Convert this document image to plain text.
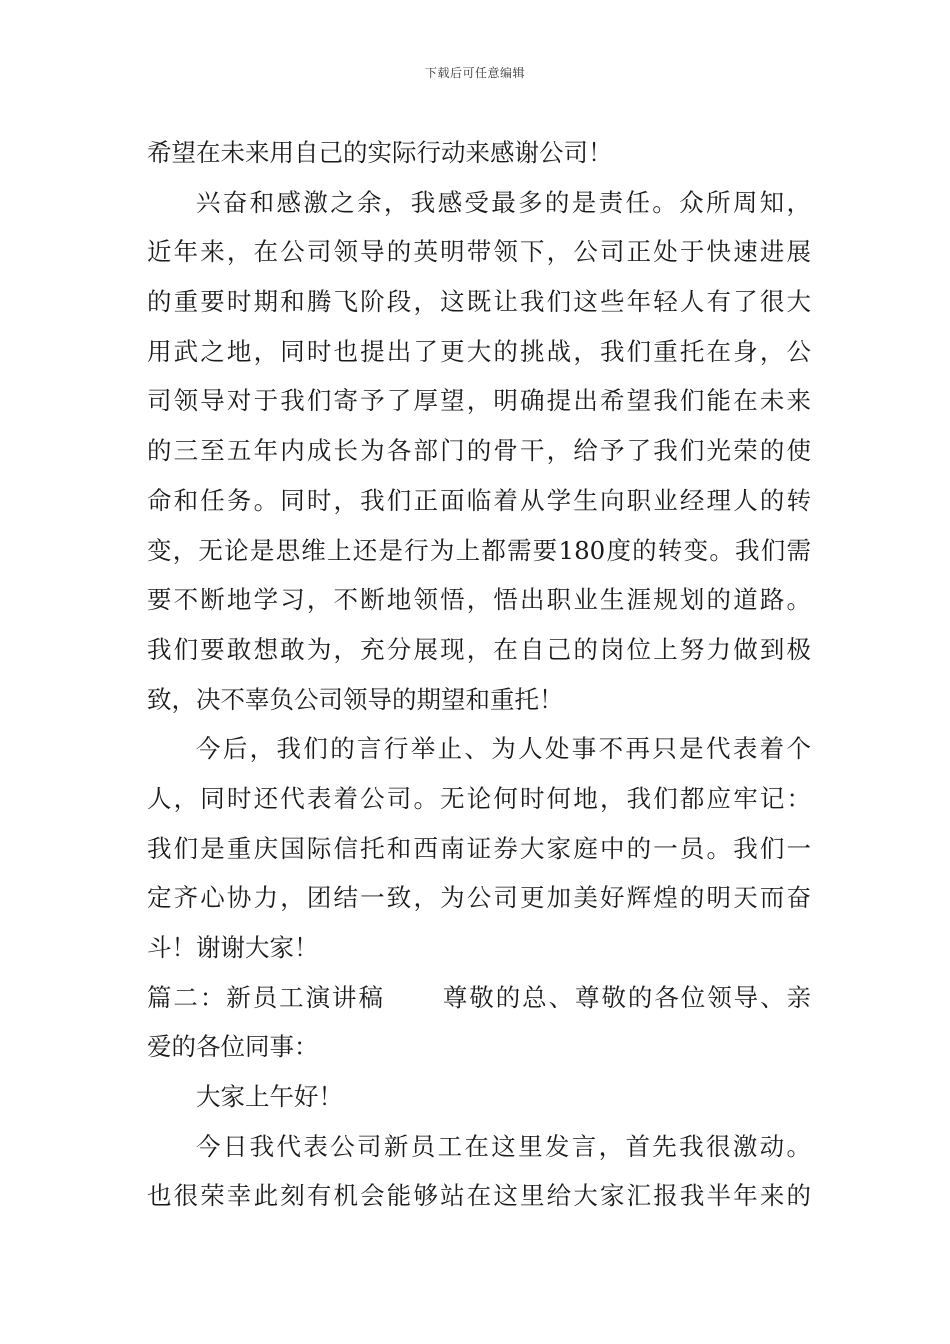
下载后可任意编辑
希望在未来用自己的实际行动来感谢公司！
兴奋和感激之余，我感受最多的是责任。众所周知，
近年来，在公司领导的英明带领下，公司正处于快速进展
的重要时期和腾飞阶段，这既让我们这些年轻人有了很大
用武之地，同时也提出了更大的挑战，我们重托在身，公
司领导对于我们寄予了厚望，明确提出希望我们能在未来
的三至五年内成长为各部门的骨干，给予了我们光荣的使
命和任务。同时，我们正面临着从学生向职业经理人的转
变，无论是思维上还是行为上都需要180度的转变。我们需
要不断地学习，不断地领悟，悟出职业生涯规划的道路。
我们要敢想敢为，充分展现，在自己的岗位上努力做到极
致，决不辜负公司领导的期望和重托！
今后，我们的言行举止、为人处事不再只是代表着个
人，同时还代表着公司。无论何时何地，我们都应牢记：
我们是重庆国际信托和西南证券大家庭中的一员。我们一
定齐心协力，团结一致，为公司更加美好辉煌的明天而奋
斗！谢谢大家！
篇二：新员工演讲稿 尊敬的总、尊敬的各位领导、亲
爱的各位同事：
大家上午好！
今日我代表公司新员工在这里发言，首先我很激动。
也很荣幸此刻有机会能够站在这里给大家汇报我半年来的
